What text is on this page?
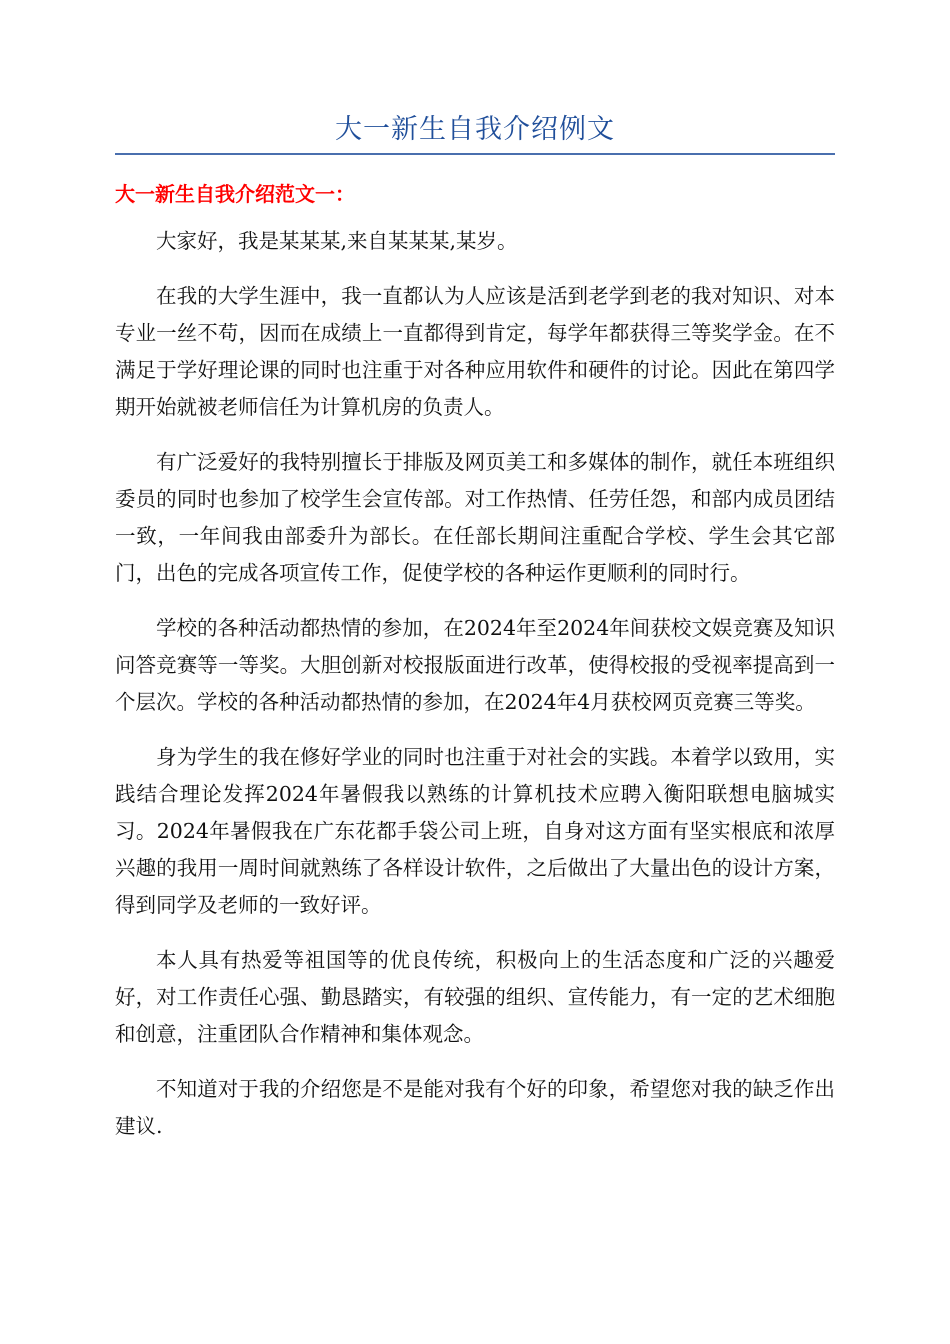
大一新生自我介绍例文
大一新生自我介绍范文一：

大家好，我是某某某,来自某某某,某岁。

在我的大学生涯中，我一直都认为人应该是活到老学到老的我对知识、对本专业一丝不苟，因而在成绩上一直都得到肯定，每学年都获得三等奖学金。在不满足于学好理论课的同时也注重于对各种应用软件和硬件的讨论。因此在第四学期开始就被老师信任为计算机房的负责人。

有广泛爱好的我特别擅长于排版及网页美工和多媒体的制作，就任本班组织委员的同时也参加了校学生会宣传部。对工作热情、任劳任怨，和部内成员团结一致，一年间我由部委升为部长。在任部长期间注重配合学校、学生会其它部门，出色的完成各项宣传工作，促使学校的各种运作更顺利的同时行。

学校的各种活动都热情的参加，在2024年至2024年间获校文娱竞赛及知识问答竞赛等一等奖。大胆创新对校报版面进行改革，使得校报的受视率提高到一个层次。学校的各种活动都热情的参加，在2024年4月获校网页竞赛三等奖。

身为学生的我在修好学业的同时也注重于对社会的实践。本着学以致用，实践结合理论发挥2024年暑假我以熟练的计算机技术应聘入衡阳联想电脑城实习。2024年暑假我在广东花都手袋公司上班，自身对这方面有坚实根底和浓厚兴趣的我用一周时间就熟练了各样设计软件，之后做出了大量出色的设计方案，得到同学及老师的一致好评。

本人具有热爱等祖国等的优良传统，积极向上的生活态度和广泛的兴趣爱好，对工作责任心强、勤恳踏实，有较强的组织、宣传能力，有一定的艺术细胞和创意，注重团队合作精神和集体观念。

不知道对于我的介绍您是不是能对我有个好的印象，希望您对我的缺乏作出建议.
